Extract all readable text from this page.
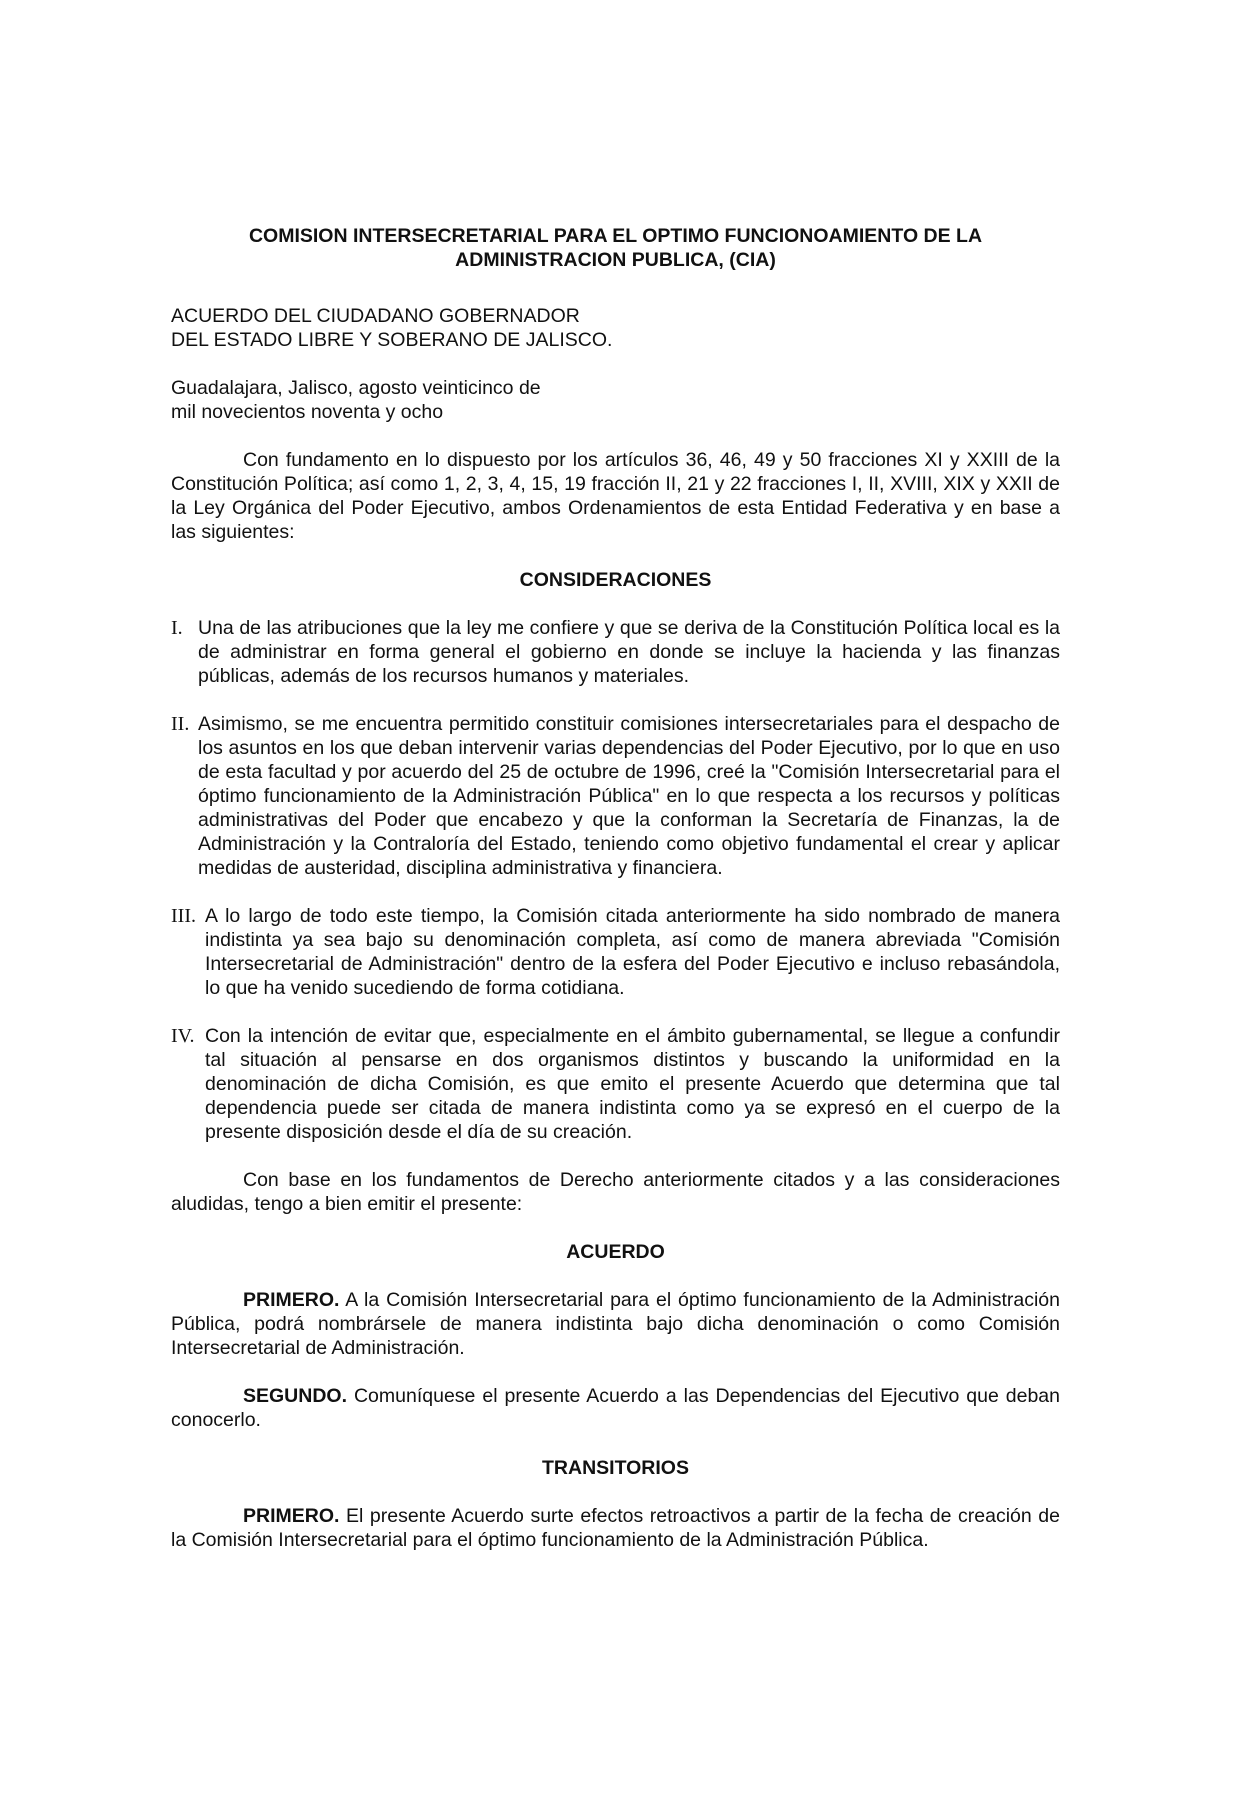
COMISION INTERSECRETARIAL PARA EL OPTIMO FUNCIONOAMIENTO DE LA
ADMINISTRACION PUBLICA, (CIA)
ACUERDO DEL CIUDADANO GOBERNADOR
DEL ESTADO LIBRE Y SOBERANO DE JALISCO.
Guadalajara, Jalisco, agosto veinticinco de
mil novecientos noventa y ocho

Con fundamento en lo dispuesto por los artículos 36, 46, 49 y 50 fracciones XI y XXIII de la Constitución Política; así como 1, 2, 3, 4, 15, 19 fracción II, 21 y 22 fracciones I, II, XVIII, XIX y XXII de la Ley Orgánica del Poder Ejecutivo, ambos Ordenamientos de esta Entidad Federativa y en base a las siguientes:

CONSIDERACIONES
I. Una de las atribuciones que la ley me confiere y que se deriva de la Constitución Política local es la de administrar en forma general el gobierno en donde se incluye la hacienda y las finanzas públicas, además de los recursos humanos y materiales.
II. Asimismo, se me encuentra permitido constituir comisiones intersecretariales para el despacho de los asuntos en los que deban intervenir varias dependencias del Poder Ejecutivo, por lo que en uso de esta facultad y por acuerdo del 25 de octubre de 1996, creé la "Comisión Intersecretarial para el óptimo funcionamiento de la Administración Pública" en lo que respecta a los recursos y políticas administrativas del Poder que encabezo y que la conforman la Secretaría de Finanzas, la de Administración y la Contraloría del Estado, teniendo como objetivo fundamental el crear y aplicar medidas de austeridad, disciplina administrativa y financiera.
III. A lo largo de todo este tiempo, la Comisión citada anteriormente ha sido nombrado de manera indistinta ya sea bajo su denominación completa, así como de manera abreviada "Comisión Intersecretarial de Administración" dentro de la esfera del Poder Ejecutivo e incluso rebasándola, lo que ha venido sucediendo de forma cotidiana.
IV. Con la intención de evitar que, especialmente en el ámbito gubernamental, se llegue a confundir tal situación al pensarse en dos organismos distintos y buscando la uniformidad en la denominación de dicha Comisión, es que emito el presente Acuerdo que determina que tal dependencia puede ser citada de manera indistinta como ya se expresó en el cuerpo de la presente disposición desde el día de su creación.

Con base en los fundamentos de Derecho anteriormente citados y a las consideraciones aludidas, tengo a bien emitir el presente:

ACUERDO

PRIMERO. A la Comisión Intersecretarial para el óptimo funcionamiento de la Administración Pública, podrá nombrársele de manera indistinta bajo dicha denominación o como Comisión Intersecretarial de Administración.

SEGUNDO. Comuníquese el presente Acuerdo a las Dependencias del Ejecutivo que deban conocerlo.

TRANSITORIOS

PRIMERO. El presente Acuerdo surte efectos retroactivos a partir de la fecha de creación de la Comisión Intersecretarial para el óptimo funcionamiento de la Administración Pública.
